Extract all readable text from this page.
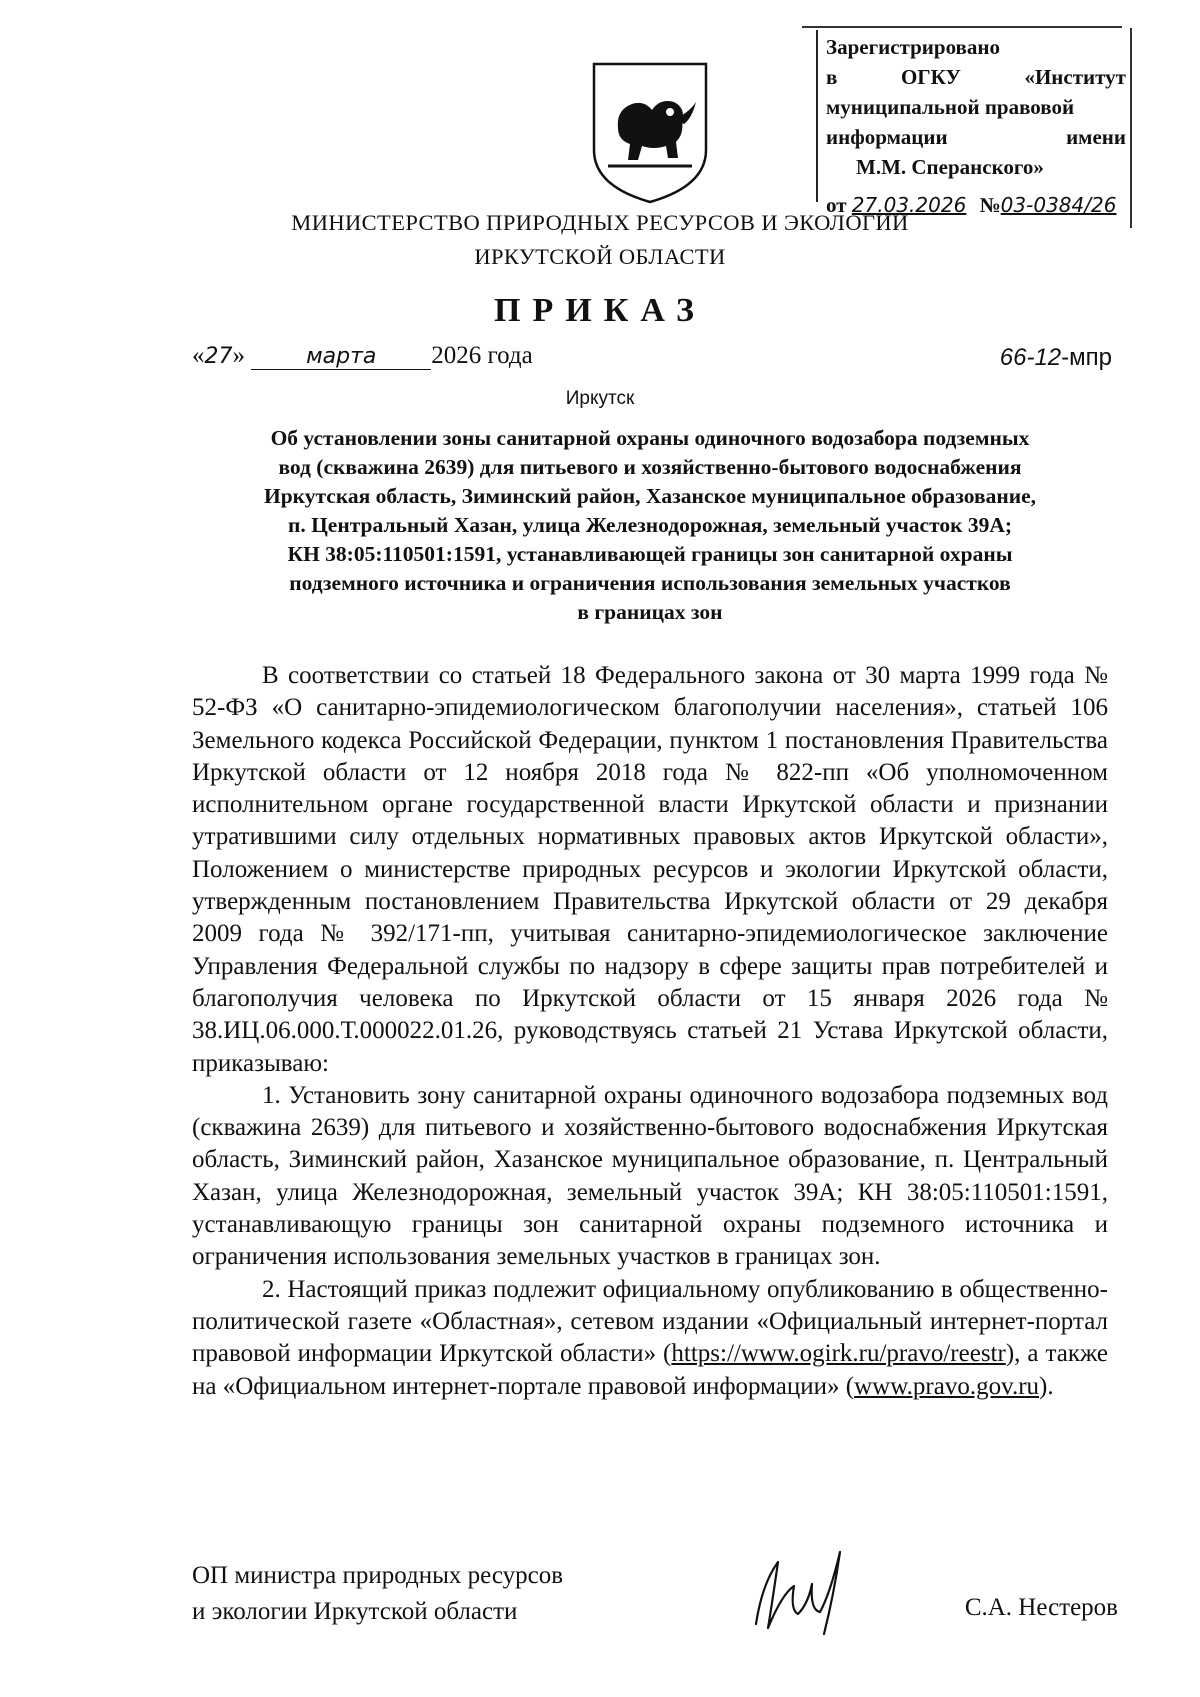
Зарегистрировано
в	ОГКУ	«Институт
муниципальной правовой
информации	имени
М.М. Сперанского»
от 27.03.2026 №03-0384/26
МИНИСТЕРСТВО ПРИРОДНЫХ РЕСУРСОВ И ЭКОЛОГИИ
ИРКУТСКОЙ ОБЛАСТИ
ПРИКАЗ
«27»	марта 2026 года	66-12-мпр
Иркутск
Об установлении зоны санитарной охраны одиночного водозабора подземных
вод (скважина 2639) для питьевого и хозяйственно-бытового водоснабжения
Иркутская область, Зиминский район, Хазанское муниципальное образование,
п. Центральный Хазан, улица Железнодорожная, земельный участок 39А;
КН 38:05:110501:1591, устанавливающей границы зон санитарной охраны
подземного источника и ограничения использования земельных участков
в границах зон

В соответствии со статьей 18 Федерального закона от 30 марта 1999 года № 52-ФЗ «О санитарно-эпидемиологическом благополучии населения», статьей 106 Земельного кодекса Российской Федерации, пунктом 1 постановления Правительства Иркутской области от 12 ноября 2018 года № 822-пп «Об уполномоченном исполнительном органе государственной власти Иркутской области и признании утратившими силу отдельных нормативных правовых актов Иркутской области», Положением о министерстве природных ресурсов и экологии Иркутской области, утвержденным постановлением Правительства Иркутской области от 29 декабря 2009 года № 392/171-пп, учитывая санитарно-эпидемиологическое заключение Управления Федеральной службы по надзору в сфере защиты прав потребителей и благополучия человека по Иркутской области от 15 января 2026 года № 38.ИЦ.06.000.Т.000022.01.26, руководствуясь статьей 21 Устава Иркутской области, приказываю:

1. Установить зону санитарной охраны одиночного водозабора подземных вод (скважина 2639) для питьевого и хозяйственно-бытового водоснабжения Иркутская область, Зиминский район, Хазанское муниципальное образование, п. Центральный Хазан, улица Железнодорожная, земельный участок 39А; КН 38:05:110501:1591, устанавливающую границы зон санитарной охраны подземного источника и ограничения использования земельных участков в границах зон.

2. Настоящий приказ подлежит официальному опубликованию в общественно-политической газете «Областная», сетевом издании «Официальный интернет-портал правовой информации Иркутской области» (https://www.ogirk.ru/pravo/reestr), а также на «Официальном интернет-портале правовой информации» (www.pravo.gov.ru).

ОП министра природных ресурсов
и экологии Иркутской области	С.А. Нестеров
